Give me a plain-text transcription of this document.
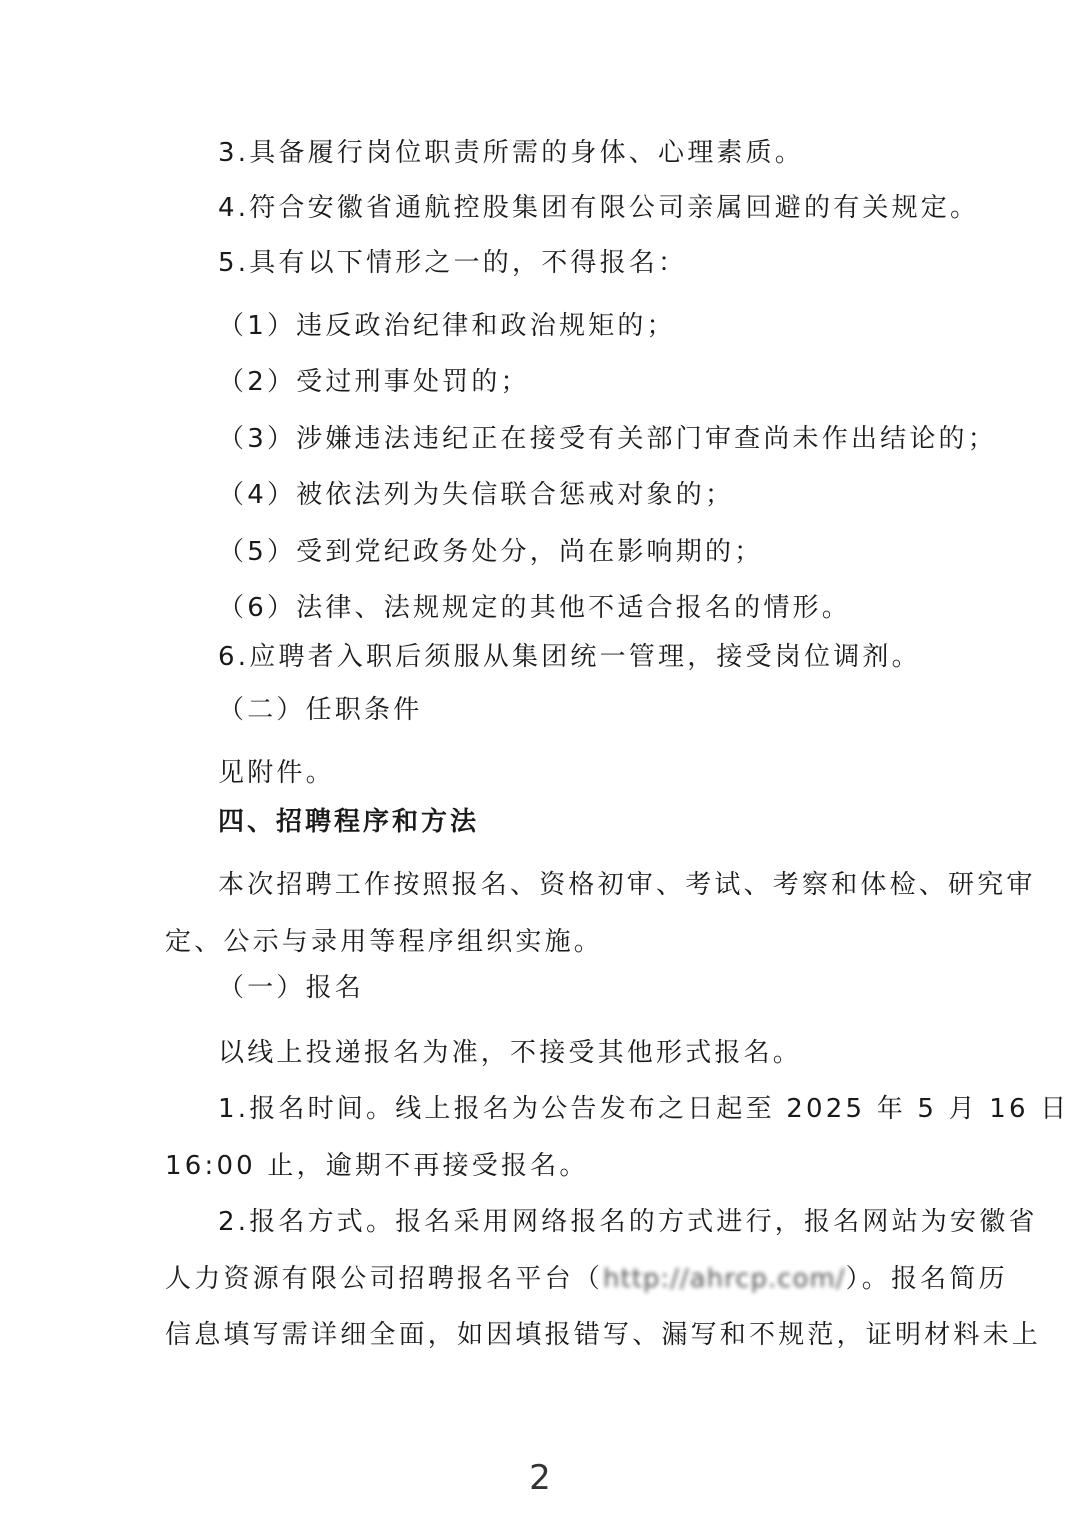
3.具备履行岗位职责所需的身体、心理素质。
4.符合安徽省通航控股集团有限公司亲属回避的有关规定。
5.具有以下情形之一的，不得报名：
（1）违反政治纪律和政治规矩的；
（2）受过刑事处罚的；
（3）涉嫌违法违纪正在接受有关部门审查尚未作出结论的；
（4）被依法列为失信联合惩戒对象的；
（5）受到党纪政务处分，尚在影响期的；
（6）法律、法规规定的其他不适合报名的情形。
6.应聘者入职后须服从集团统一管理，接受岗位调剂。
（二）任职条件
见附件。
四、招聘程序和方法
本次招聘工作按照报名、资格初审、考试、考察和体检、研究审
定、公示与录用等程序组织实施。
（一）报名
以线上投递报名为准，不接受其他形式报名。
1.报名时间。线上报名为公告发布之日起至 2025 年 5 月 16 日
16:00 止，逾期不再接受报名。
2.报名方式。报名采用网络报名的方式进行，报名网站为安徽省
人力资源有限公司招聘报名平台（http://ahrcp.com/）。报名简历
信息填写需详细全面，如因填报错写、漏写和不规范，证明材料未上
2
